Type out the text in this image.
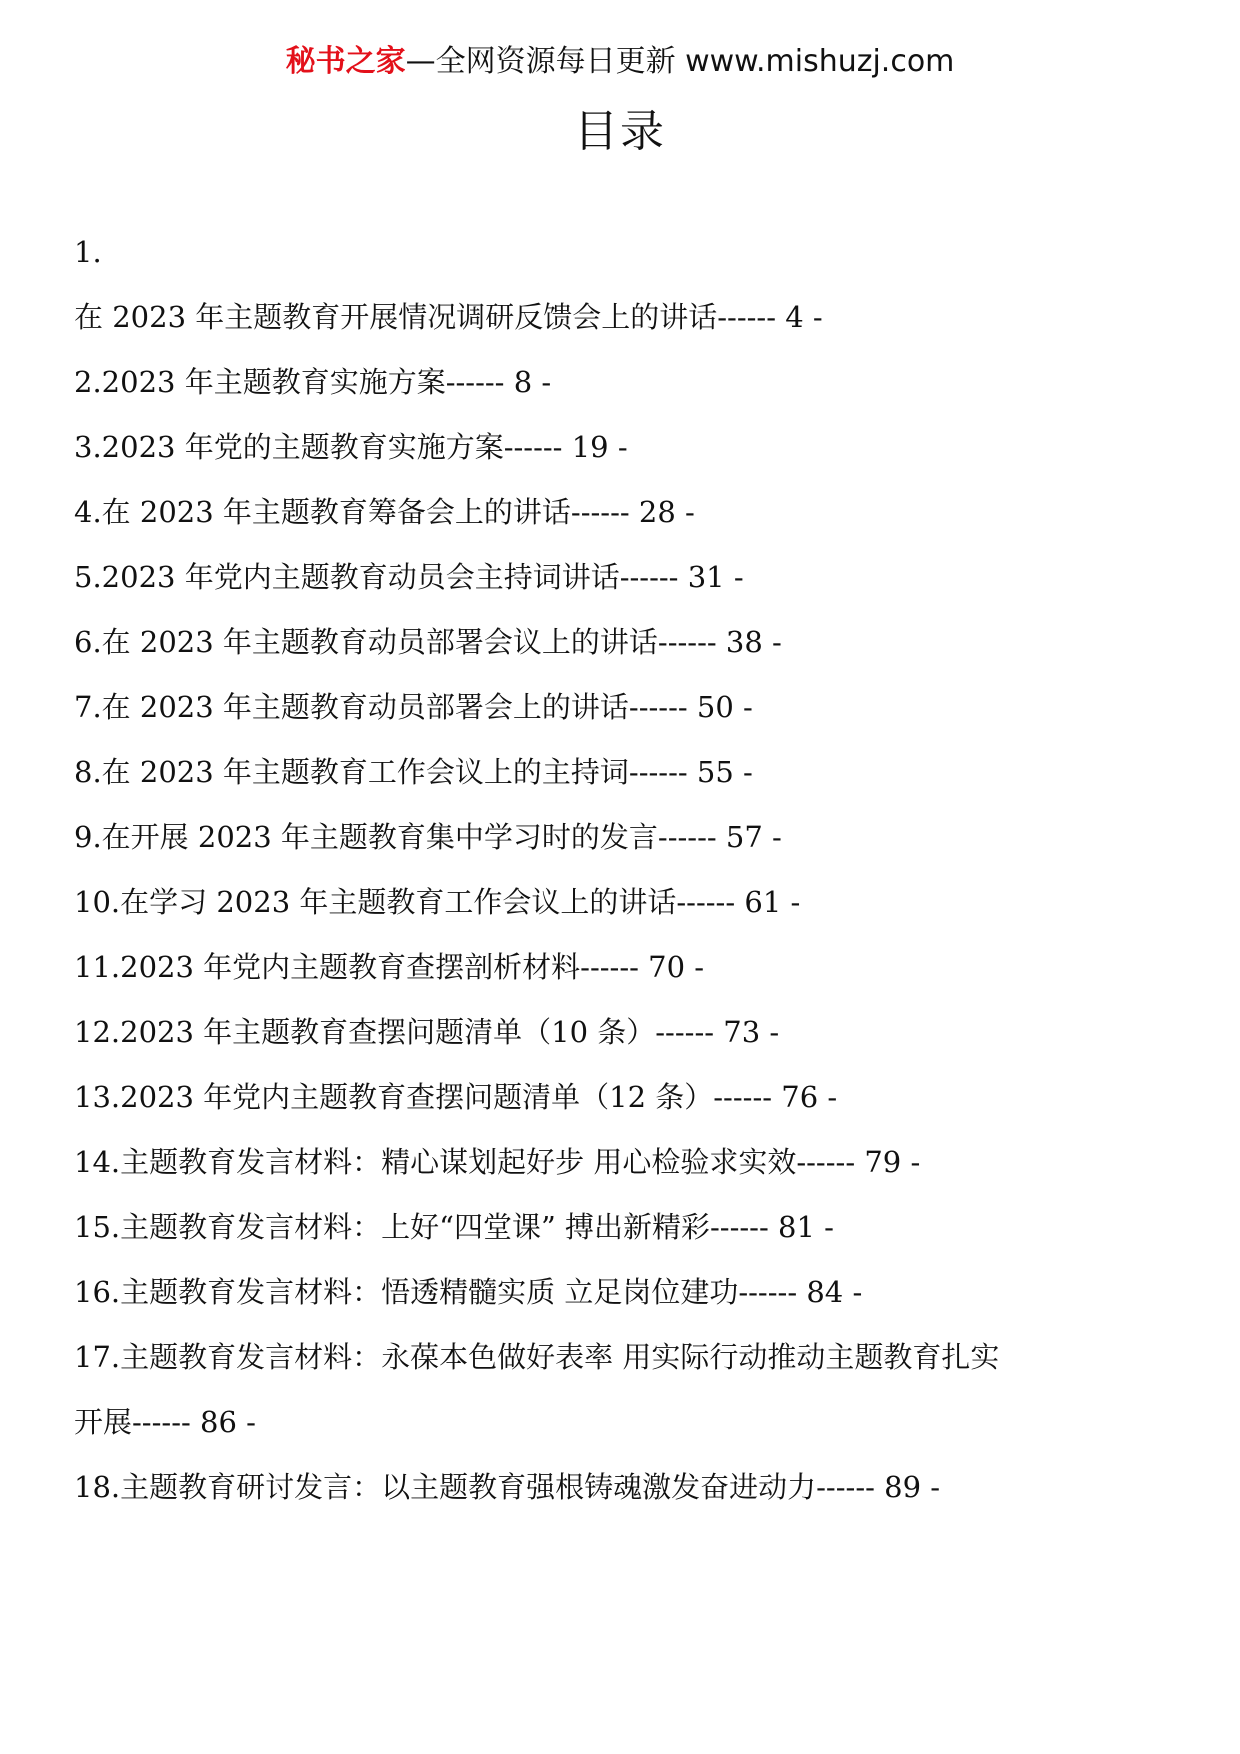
秘书之家—全网资源每日更新 www.mishuzj.com
目录
1.
在 2023 年主题教育开展情况调研反馈会上的讲话------ 4 -
2.2023 年主题教育实施方案------ 8 -
3.2023 年党的主题教育实施方案------ 19 -
4.在 2023 年主题教育筹备会上的讲话------ 28 -
5.2023 年党内主题教育动员会主持词讲话------ 31 -
6.在 2023 年主题教育动员部署会议上的讲话------ 38 -
7.在 2023 年主题教育动员部署会上的讲话------ 50 -
8.在 2023 年主题教育工作会议上的主持词------ 55 -
9.在开展 2023 年主题教育集中学习时的发言------ 57 -
10.在学习 2023 年主题教育工作会议上的讲话------ 61 -
11.2023 年党内主题教育查摆剖析材料------ 70 -
12.2023 年主题教育查摆问题清单（10 条）------ 73 -
13.2023 年党内主题教育查摆问题清单（12 条）------ 76 -
14.主题教育发言材料：精心谋划起好步 用心检验求实效------ 79 -
15.主题教育发言材料：上好“四堂课” 搏出新精彩------ 81 -
16.主题教育发言材料：悟透精髓实质 立足岗位建功------ 84 -
17.主题教育发言材料：永葆本色做好表率 用实际行动推动主题教育扎实
开展------ 86 -
18.主题教育研讨发言：以主题教育强根铸魂激发奋进动力------ 89 -
